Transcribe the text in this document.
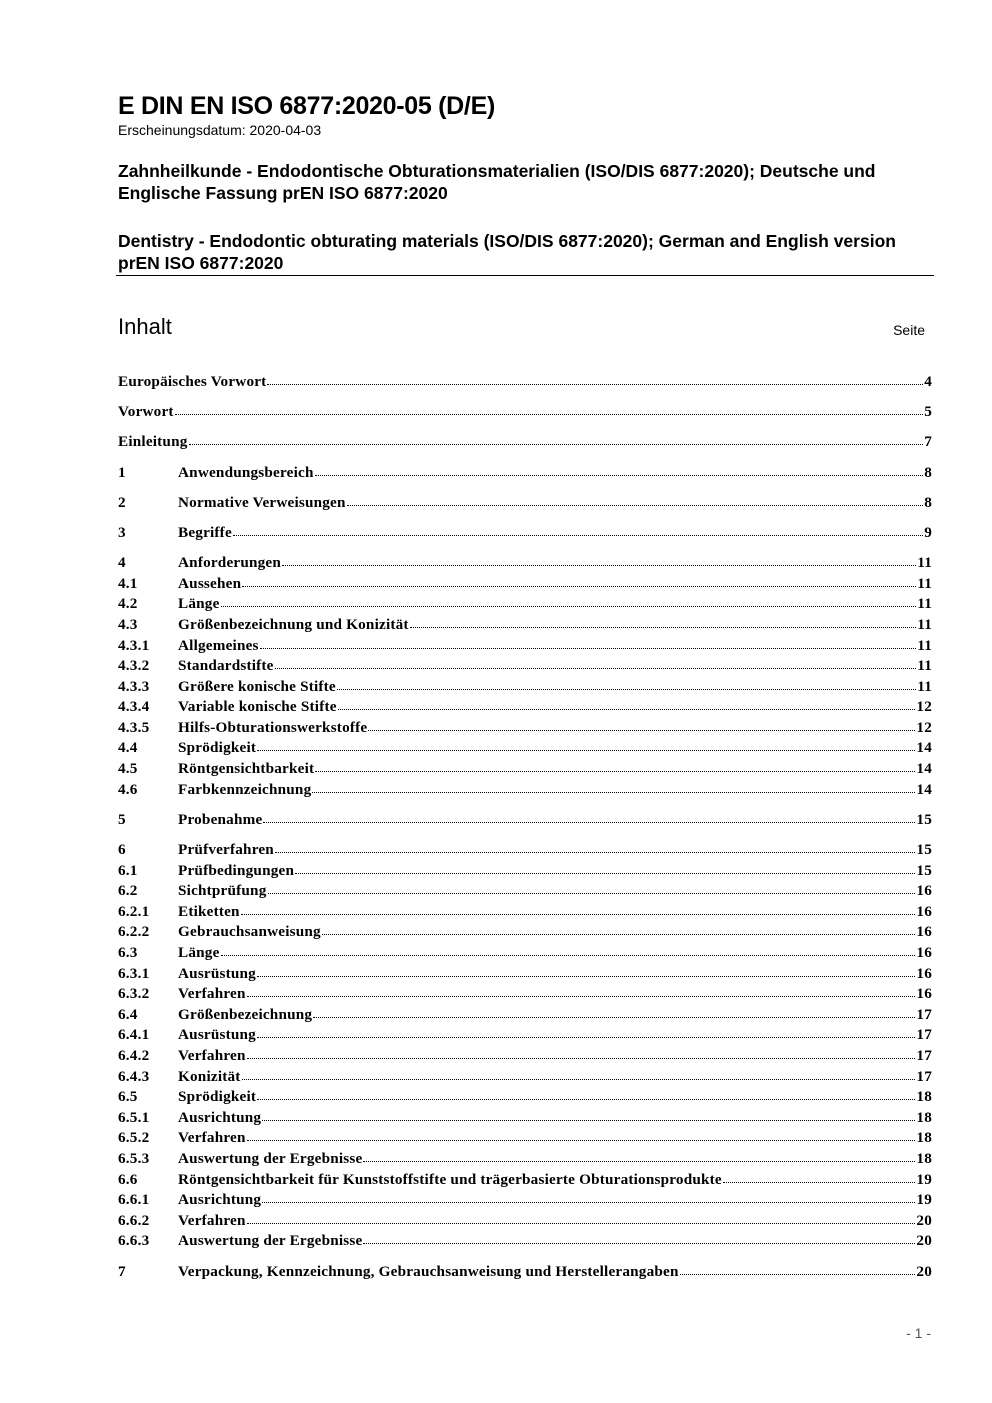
E DIN EN ISO 6877:2020-05 (D/E)
Erscheinungsdatum: 2020-04-03
Zahnheilkunde - Endodontische Obturationsmaterialien (ISO/DIS 6877:2020); Deutsche und Englische Fassung prEN ISO 6877:2020
Dentistry - Endodontic obturating materials (ISO/DIS 6877:2020); German and English version prEN ISO 6877:2020
Inhalt	Seite
Europäisches Vorwort	4
Vorwort	5
Einleitung	7
1	Anwendungsbereich	8
2	Normative Verweisungen	8
3	Begriffe	9
4	Anforderungen	11
4.1	Aussehen	11
4.2	Länge	11
4.3	Größenbezeichnung und Konizität	11
4.3.1	Allgemeines	11
4.3.2	Standardstifte	11
4.3.3	Größere konische Stifte	11
4.3.4	Variable konische Stifte	12
4.3.5	Hilfs-Obturationswerkstoffe	12
4.4	Sprödigkeit	14
4.5	Röntgensichtbarkeit	14
4.6	Farbkennzeichnung	14
5	Probenahme	15
6	Prüfverfahren	15
6.1	Prüfbedingungen	15
6.2	Sichtprüfung	16
6.2.1	Etiketten	16
6.2.2	Gebrauchsanweisung	16
6.3	Länge	16
6.3.1	Ausrüstung	16
6.3.2	Verfahren	16
6.4	Größenbezeichnung	17
6.4.1	Ausrüstung	17
6.4.2	Verfahren	17
6.4.3	Konizität	17
6.5	Sprödigkeit	18
6.5.1	Ausrichtung	18
6.5.2	Verfahren	18
6.5.3	Auswertung der Ergebnisse	18
6.6	Röntgensichtbarkeit für Kunststoffstifte und trägerbasierte Obturationsprodukte	19
6.6.1	Ausrichtung	19
6.6.2	Verfahren	20
6.6.3	Auswertung der Ergebnisse	20
7	Verpackung, Kennzeichnung, Gebrauchsanweisung und Herstellerangaben	20
- 1 -
